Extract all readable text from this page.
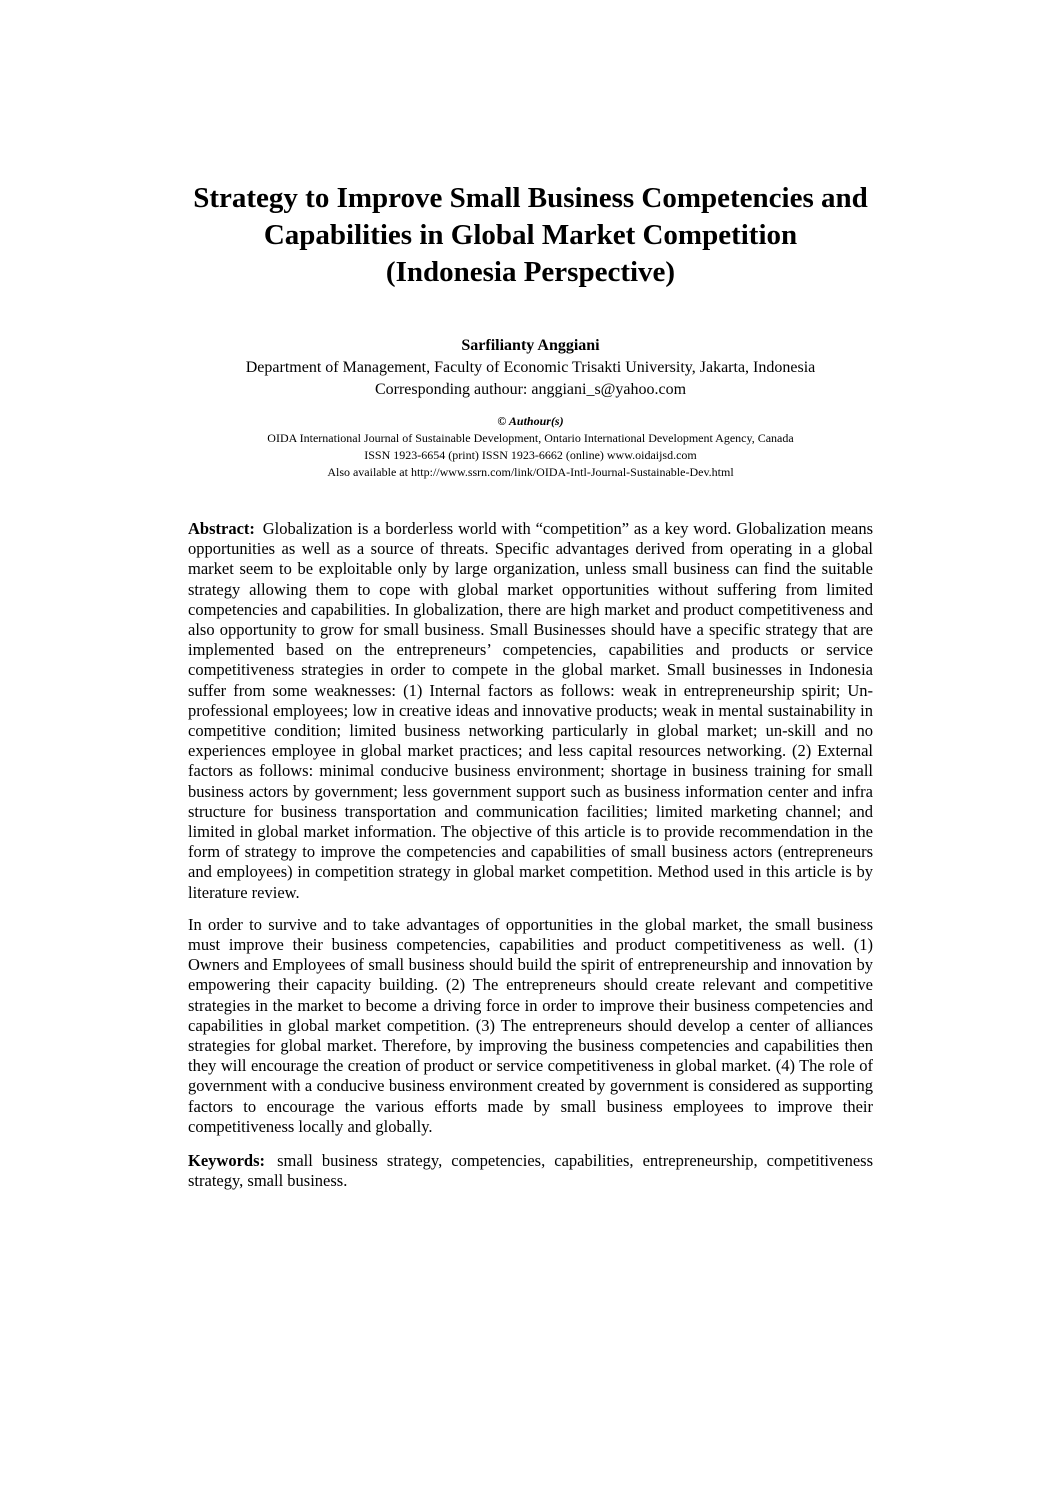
Strategy to Improve Small Business Competencies and
Capabilities in Global Market Competition
(Indonesia Perspective)
Sarfilianty Anggiani
Department of Management, Faculty of Economic Trisakti University, Jakarta, Indonesia
Corresponding authour: anggiani_s@yahoo.com
© Authour(s)
OIDA International Journal of Sustainable Development, Ontario International Development Agency, Canada
ISSN 1923-6654 (print) ISSN 1923-6662 (online) www.oidaijsd.com
Also available at http://www.ssrn.com/link/OIDA-Intl-Journal-Sustainable-Dev.html

Abstract: Globalization is a borderless world with “competition” as a key word. Globalization means opportunities as well as a source of threats. Specific advantages derived from operating in a global market seem to be exploitable only by large organization, unless small business can find the suitable strategy allowing them to cope with global market opportunities without suffering from limited competencies and capabilities. In globalization, there are high market and product competitiveness and also opportunity to grow for small business. Small Businesses should have a specific strategy that are implemented based on the entrepreneurs’ competencies, capabilities and products or service competitiveness strategies in order to compete in the global market. Small businesses in Indonesia suffer from some weaknesses: (1) Internal factors as follows: weak in entrepreneurship spirit; Un-professional employees; low in creative ideas and innovative products; weak in mental sustainability in competitive condition; limited business networking particularly in global market; un-skill and no experiences employee in global market practices; and less capital resources networking. (2) External factors as follows: minimal conducive business environment; shortage in business training for small business actors by government; less government support such as business information center and infra structure for business transportation and communication facilities; limited marketing channel; and limited in global market information. The objective of this article is to provide recommendation in the form of strategy to improve the competencies and capabilities of small business actors (entrepreneurs and employees) in competition strategy in global market competition. Method used in this article is by literature review.

In order to survive and to take advantages of opportunities in the global market, the small business must improve their business competencies, capabilities and product competitiveness as well. (1) Owners and Employees of small business should build the spirit of entrepreneurship and innovation by empowering their capacity building. (2) The entrepreneurs should create relevant and competitive strategies in the market to become a driving force in order to improve their business competencies and capabilities in global market competition. (3) The entrepreneurs should develop a center of alliances strategies for global market. Therefore, by improving the business competencies and capabilities then they will encourage the creation of product or service competitiveness in global market. (4) The role of government with a conducive business environment created by government is considered as supporting factors to encourage the various efforts made by small business employees to improve their competitiveness locally and globally.

Keywords: small business strategy, competencies, capabilities, entrepreneurship, competitiveness strategy, small business.
